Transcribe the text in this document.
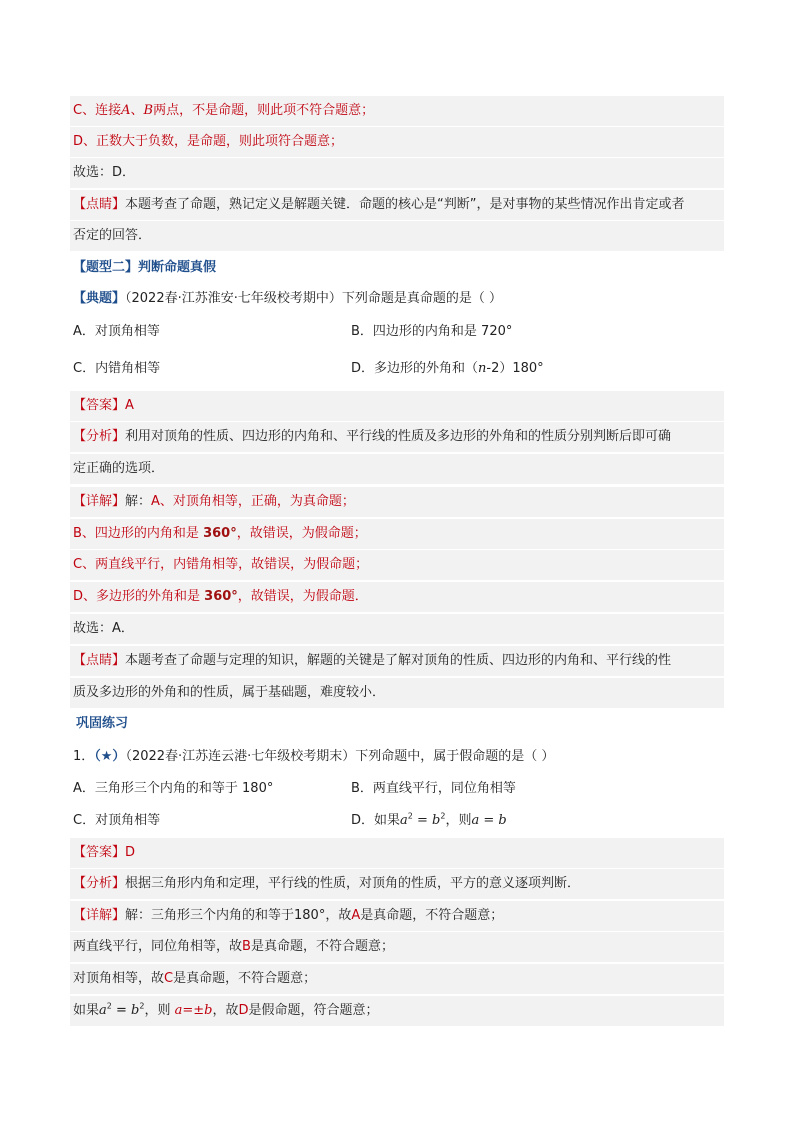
C、连接A、B两点，不是命题，则此项不符合题意；
D、正数大于负数，是命题，则此项符合题意；
故选：D．
【点睛】本题考查了命题，熟记定义是解题关键．命题的核心是“判断”，是对事物的某些情况作出肯定或者
否定的回答．
【题型二】判断命题真假
【典题】（2022春·江苏淮安·七年级校考期中）下列命题是真命题的是（ ）
A．对顶角相等	B．四边形的内角和是 720°
C．内错角相等	D．多边形的外角和（n-2）180°
【答案】A
【分析】利用对顶角的性质、四边形的内角和、平行线的性质及多边形的外角和的性质分别判断后即可确
定正确的选项．
【详解】解：A、对顶角相等，正确，为真命题；
B、四边形的内角和是 360°，故错误，为假命题；
C、两直线平行，内错角相等，故错误，为假命题；
D、多边形的外角和是 360°，故错误，为假命题．
故选：A．
【点睛】本题考查了命题与定理的知识，解题的关键是了解对顶角的性质、四边形的内角和、平行线的性
质及多边形的外角和的性质，属于基础题，难度较小．
巩固练习
1．（★）（2022春·江苏连云港·七年级校考期末）下列命题中，属于假命题的是（ ）
A．三角形三个内角的和等于 180°	B．两直线平行，同位角相等
C．对顶角相等	D．如果$a^2 = b^2$，则a = b
【答案】D
【分析】根据三角形内角和定理，平行线的性质，对顶角的性质，平方的意义逐项判断．
【详解】解：三角形三个内角的和等于180°，故A是真命题，不符合题意；
两直线平行，同位角相等，故B是真命题，不符合题意；
对顶角相等，故C是真命题，不符合题意；
如果$a^2 = b^2$，则 a=±b，故D是假命题，符合题意；
